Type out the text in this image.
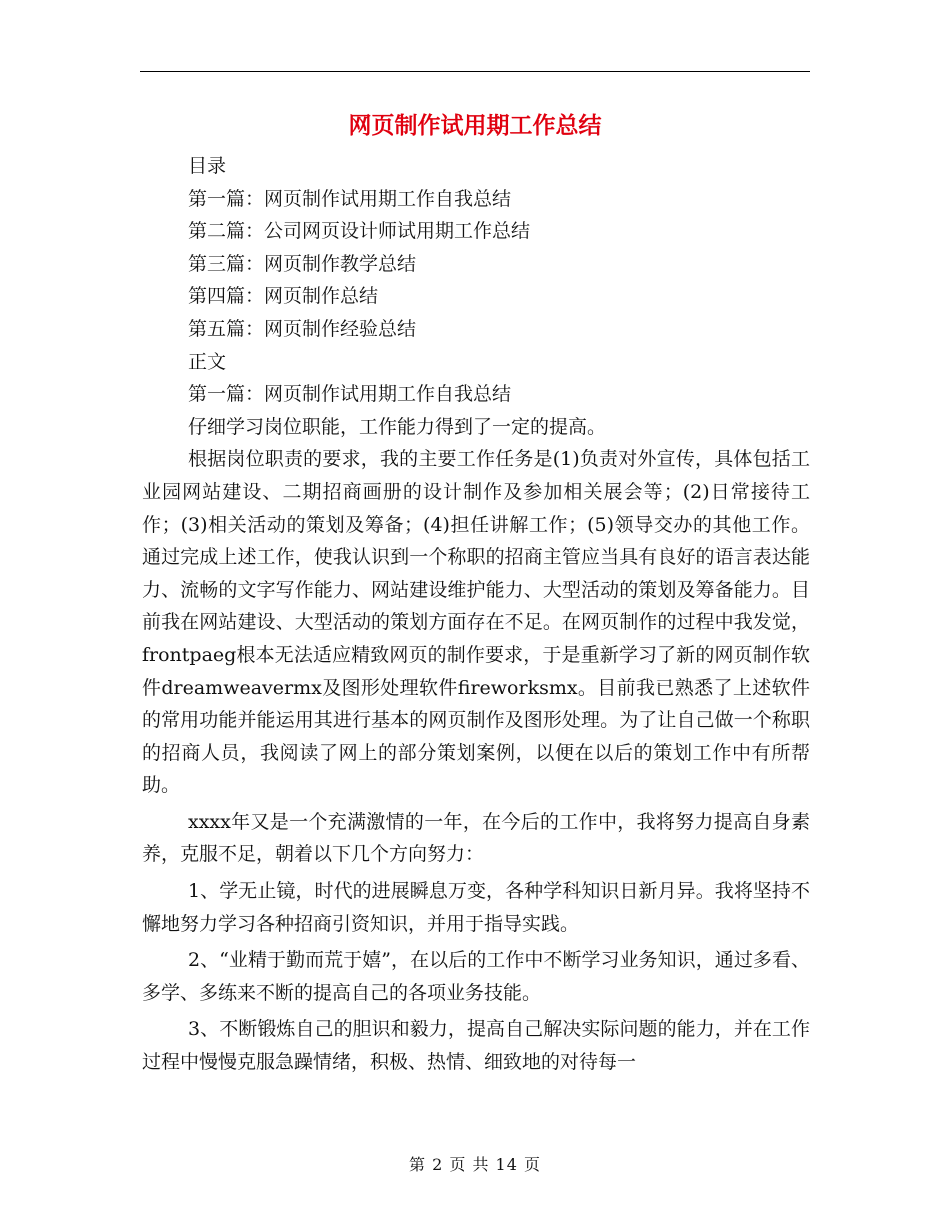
网页制作试用期工作总结

目录

第一篇：网页制作试用期工作自我总结

第二篇：公司网页设计师试用期工作总结

第三篇：网页制作教学总结

第四篇：网页制作总结

第五篇：网页制作经验总结

正文

第一篇：网页制作试用期工作自我总结

仔细学习岗位职能，工作能力得到了一定的提高。

根据岗位职责的要求，我的主要工作任务是(1)负责对外宣传，具体包括工业园网站建设、二期招商画册的设计制作及参加相关展会等；(2)日常接待工作；(3)相关活动的策划及筹备；(4)担任讲解工作；(5)领导交办的其他工作。通过完成上述工作，使我认识到一个称职的招商主管应当具有良好的语言表达能力、流畅的文字写作能力、网站建设维护能力、大型活动的策划及筹备能力。目前我在网站建设、大型活动的策划方面存在不足。在网页制作的过程中我发觉，frontpaeg根本无法适应精致网页的制作要求，于是重新学习了新的网页制作软件dreamweavermx及图形处理软件fireworksmx。目前我已熟悉了上述软件的常用功能并能运用其进行基本的网页制作及图形处理。为了让自己做一个称职的招商人员，我阅读了网上的部分策划案例，以便在以后的策划工作中有所帮助。

xxxx年又是一个充满激情的一年，在今后的工作中，我将努力提高自身素养，克服不足，朝着以下几个方向努力：

1、学无止镜，时代的进展瞬息万变，各种学科知识日新月异。我将坚持不懈地努力学习各种招商引资知识，并用于指导实践。

2、“业精于勤而荒于嬉”，在以后的工作中不断学习业务知识，通过多看、多学、多练来不断的提高自己的各项业务技能。

3、不断锻炼自己的胆识和毅力，提高自己解决实际问题的能力，并在工作过程中慢慢克服急躁情绪，积极、热情、细致地的对待每一

第 2 页 共 14 页
